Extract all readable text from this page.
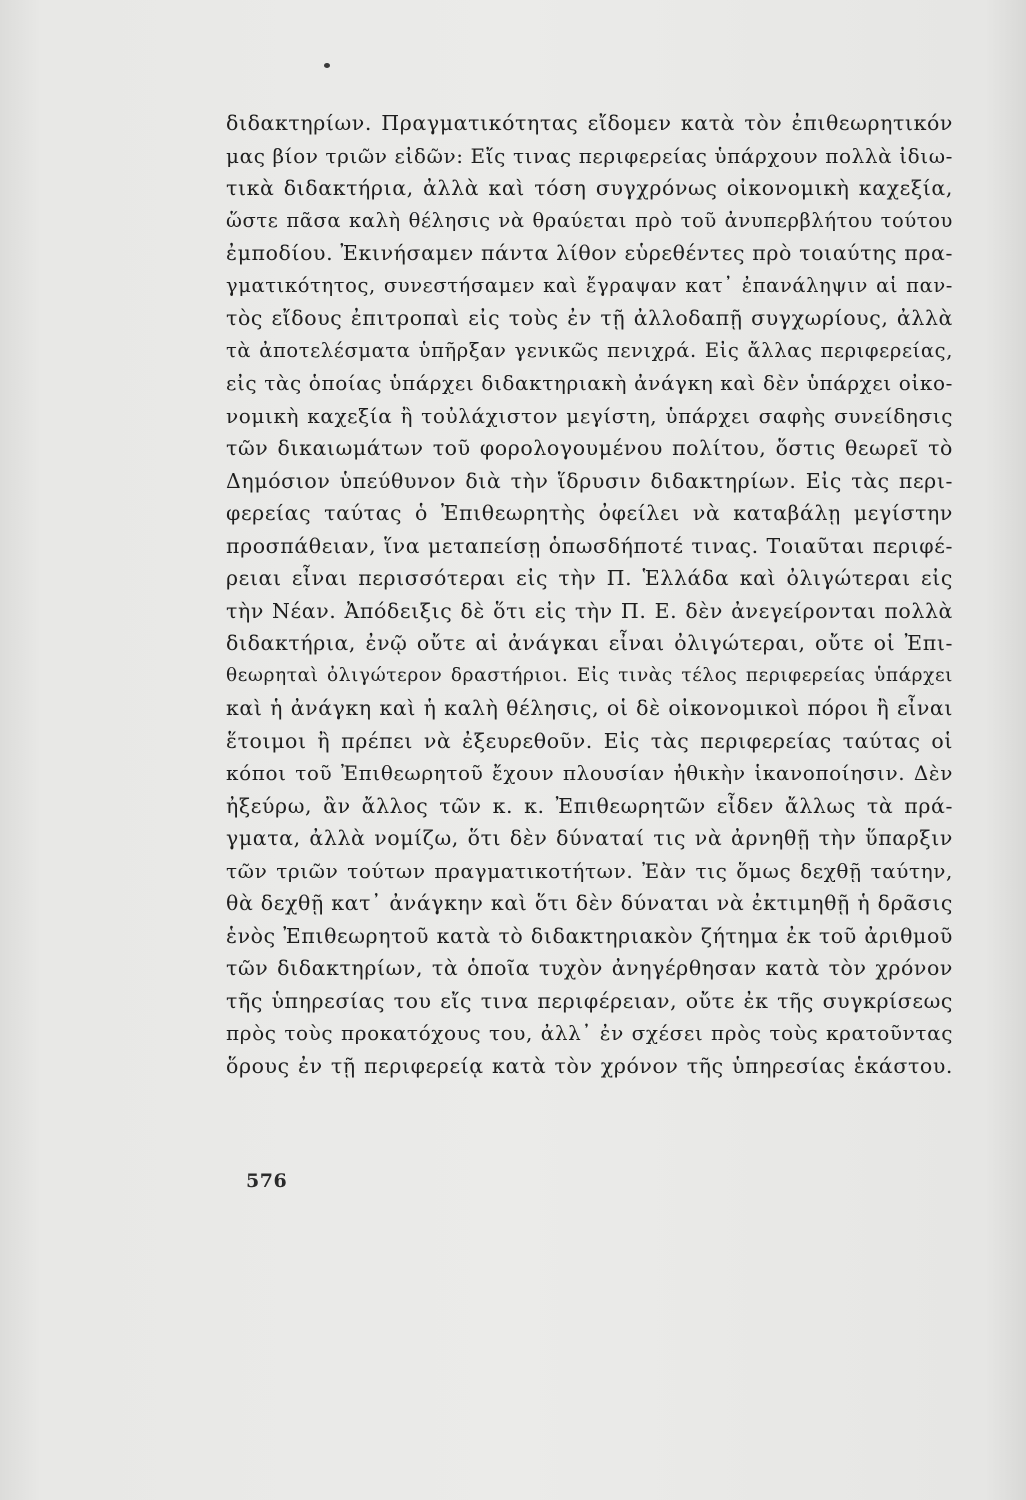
διδακτηρίων. Πραγματικότητας εἴδομεν κατὰ τὸν ἐπιθεωρητικόν
μας βίον τριῶν εἰδῶν: Εἴς τινας περιφερείας ὑπάρχουν πολλὰ ἰδιω-
τικὰ διδακτήρια, ἀλλὰ καὶ τόση συγχρόνως οἰκονομικὴ καχεξία,
ὥστε πᾶσα καλὴ θέλησις νὰ θραύεται πρὸ τοῦ ἀνυπερβλήτου τούτου
ἐμποδίου. Ἐκινήσαμεν πάντα λίθον εὑρεθέντες πρὸ τοιαύτης πρα-
γματικότητος, συνεστήσαμεν καὶ ἔγραψαν κατ᾽ ἐπανάληψιν αἱ παν-
τὸς εἴδους ἐπιτροπαὶ εἰς τοὺς ἐν τῇ ἀλλοδαπῇ συγχωρίους, ἀλλὰ
τὰ ἀποτελέσματα ὑπῆρξαν γενικῶς πενιχρά. Εἰς ἄλλας περιφερείας,
εἰς τὰς ὁποίας ὑπάρχει διδακτηριακὴ ἀνάγκη καὶ δὲν ὑπάρχει οἰκο-
νομικὴ καχεξία ἢ τοὐλάχιστον μεγίστη, ὑπάρχει σαφὴς συνείδησις
τῶν δικαιωμάτων τοῦ φορολογουμένου πολίτου, ὅστις θεωρεῖ τὸ
Δημόσιον ὑπεύθυνον διὰ τὴν ἵδρυσιν διδακτηρίων. Εἰς τὰς περι-
φερείας ταύτας ὁ Ἐπιθεωρητὴς ὀφείλει νὰ καταβάλῃ μεγίστην
προσπάθειαν, ἵνα μεταπείσῃ ὁπωσδήποτέ τινας. Τοιαῦται περιφέ-
ρειαι εἶναι περισσότεραι εἰς τὴν Π. Ἑλλάδα καὶ ὀλιγώτεραι εἰς
τὴν Νέαν. Ἀπόδειξις δὲ ὅτι εἰς τὴν Π. Ε. δὲν ἀνεγείρονται πολλὰ
διδακτήρια, ἐνῷ οὔτε αἱ ἀνάγκαι εἶναι ὀλιγώτεραι, οὔτε οἱ Ἐπι-
θεωρηταὶ ὀλιγώτερον δραστήριοι. Εἰς τινὰς τέλος περιφερείας ὑπάρχει
καὶ ἡ ἀνάγκη καὶ ἡ καλὴ θέλησις, οἱ δὲ οἰκονομικοὶ πόροι ἢ εἶναι
ἕτοιμοι ἢ πρέπει νὰ ἐξευρεθοῦν. Εἰς τὰς περιφερείας ταύτας οἱ
κόποι τοῦ Ἐπιθεωρητοῦ ἔχουν πλουσίαν ἠθικὴν ἱκανοποίησιν. Δὲν
ἠξεύρω, ἂν ἄλλος τῶν κ. κ. Ἐπιθεωρητῶν εἶδεν ἄλλως τὰ πρά-
γματα, ἀλλὰ νομίζω, ὅτι δὲν δύναταί τις νὰ ἀρνηθῇ τὴν ὕπαρξιν
τῶν τριῶν τούτων πραγματικοτήτων. Ἐὰν τις ὅμως δεχθῇ ταύτην,
θὰ δεχθῇ κατ᾽ ἀνάγκην καὶ ὅτι δὲν δύναται νὰ ἐκτιμηθῇ ἡ δρᾶσις
ἑνὸς Ἐπιθεωρητοῦ κατὰ τὸ διδακτηριακὸν ζήτημα ἐκ τοῦ ἀριθμοῦ
τῶν διδακτηρίων, τὰ ὁποῖα τυχὸν ἀνηγέρθησαν κατὰ τὸν χρόνον
τῆς ὑπηρεσίας του εἴς τινα περιφέρειαν, οὔτε ἐκ τῆς συγκρίσεως
πρὸς τοὺς προκατόχους του, ἀλλ᾽ ἐν σχέσει πρὸς τοὺς κρατοῦντας
ὅρους ἐν τῇ περιφερείᾳ κατὰ τὸν χρόνον τῆς ὑπηρεσίας ἑκάστου.
576
